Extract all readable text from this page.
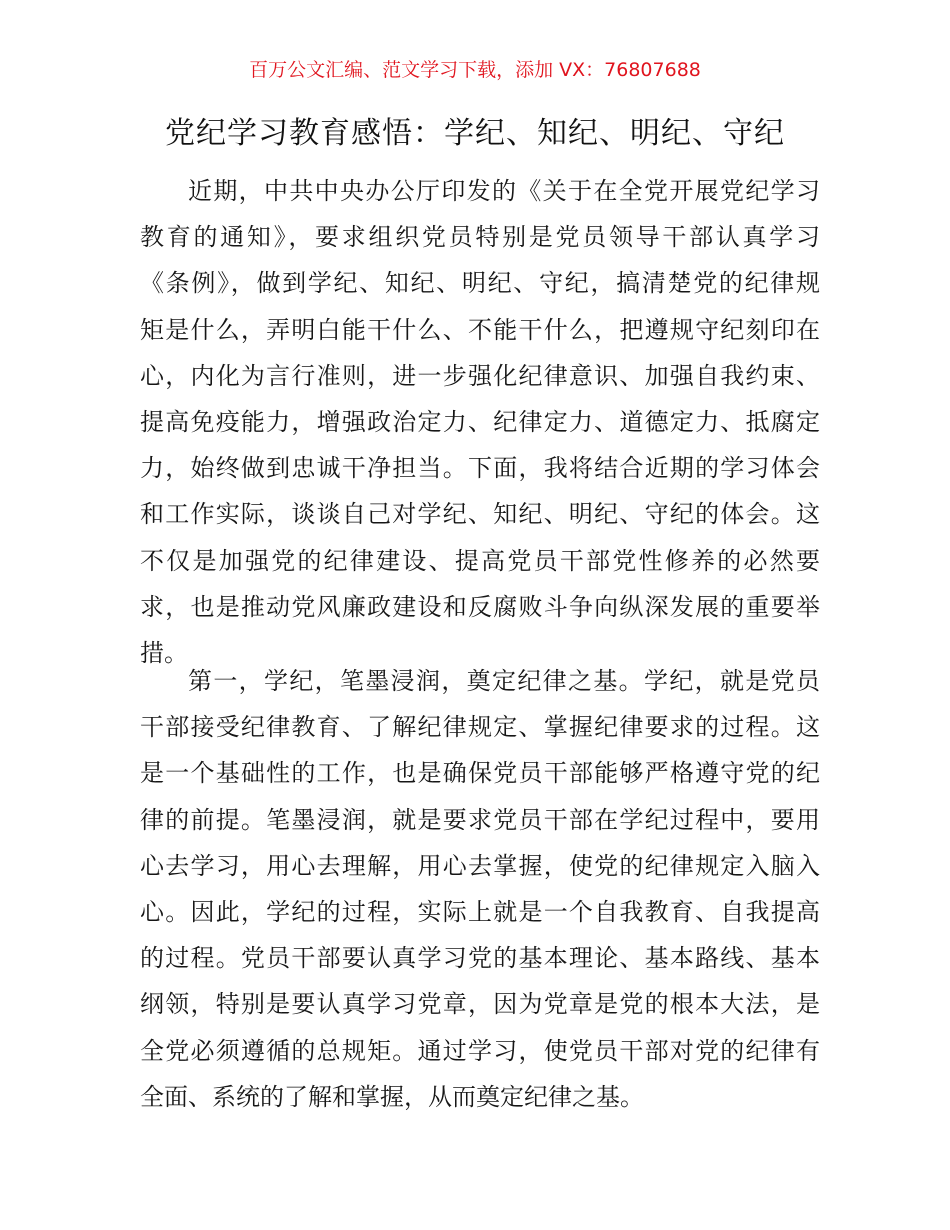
百万公文汇编、范文学习下载，添加 VX：76807688
党纪学习教育感悟：学纪、知纪、明纪、守纪
近期，中共中央办公厅印发的《关于在全党开展党纪学习
教育的通知》，要求组织党员特别是党员领导干部认真学习
《条例》，做到学纪、知纪、明纪、守纪，搞清楚党的纪律规
矩是什么，弄明白能干什么、不能干什么，把遵规守纪刻印在
心，内化为言行准则，进一步强化纪律意识、加强自我约束、
提高免疫能力，增强政治定力、纪律定力、道德定力、抵腐定
力，始终做到忠诚干净担当。下面，我将结合近期的学习体会
和工作实际，谈谈自己对学纪、知纪、明纪、守纪的体会。这
不仅是加强党的纪律建设、提高党员干部党性修养的必然要
求，也是推动党风廉政建设和反腐败斗争向纵深发展的重要举
措。
第一，学纪，笔墨浸润，奠定纪律之基。学纪，就是党员
干部接受纪律教育、了解纪律规定、掌握纪律要求的过程。这
是一个基础性的工作，也是确保党员干部能够严格遵守党的纪
律的前提。笔墨浸润，就是要求党员干部在学纪过程中，要用
心去学习，用心去理解，用心去掌握，使党的纪律规定入脑入
心。因此，学纪的过程，实际上就是一个自我教育、自我提高
的过程。党员干部要认真学习党的基本理论、基本路线、基本
纲领，特别是要认真学习党章，因为党章是党的根本大法，是
全党必须遵循的总规矩。通过学习，使党员干部对党的纪律有
全面、系统的了解和掌握，从而奠定纪律之基。
